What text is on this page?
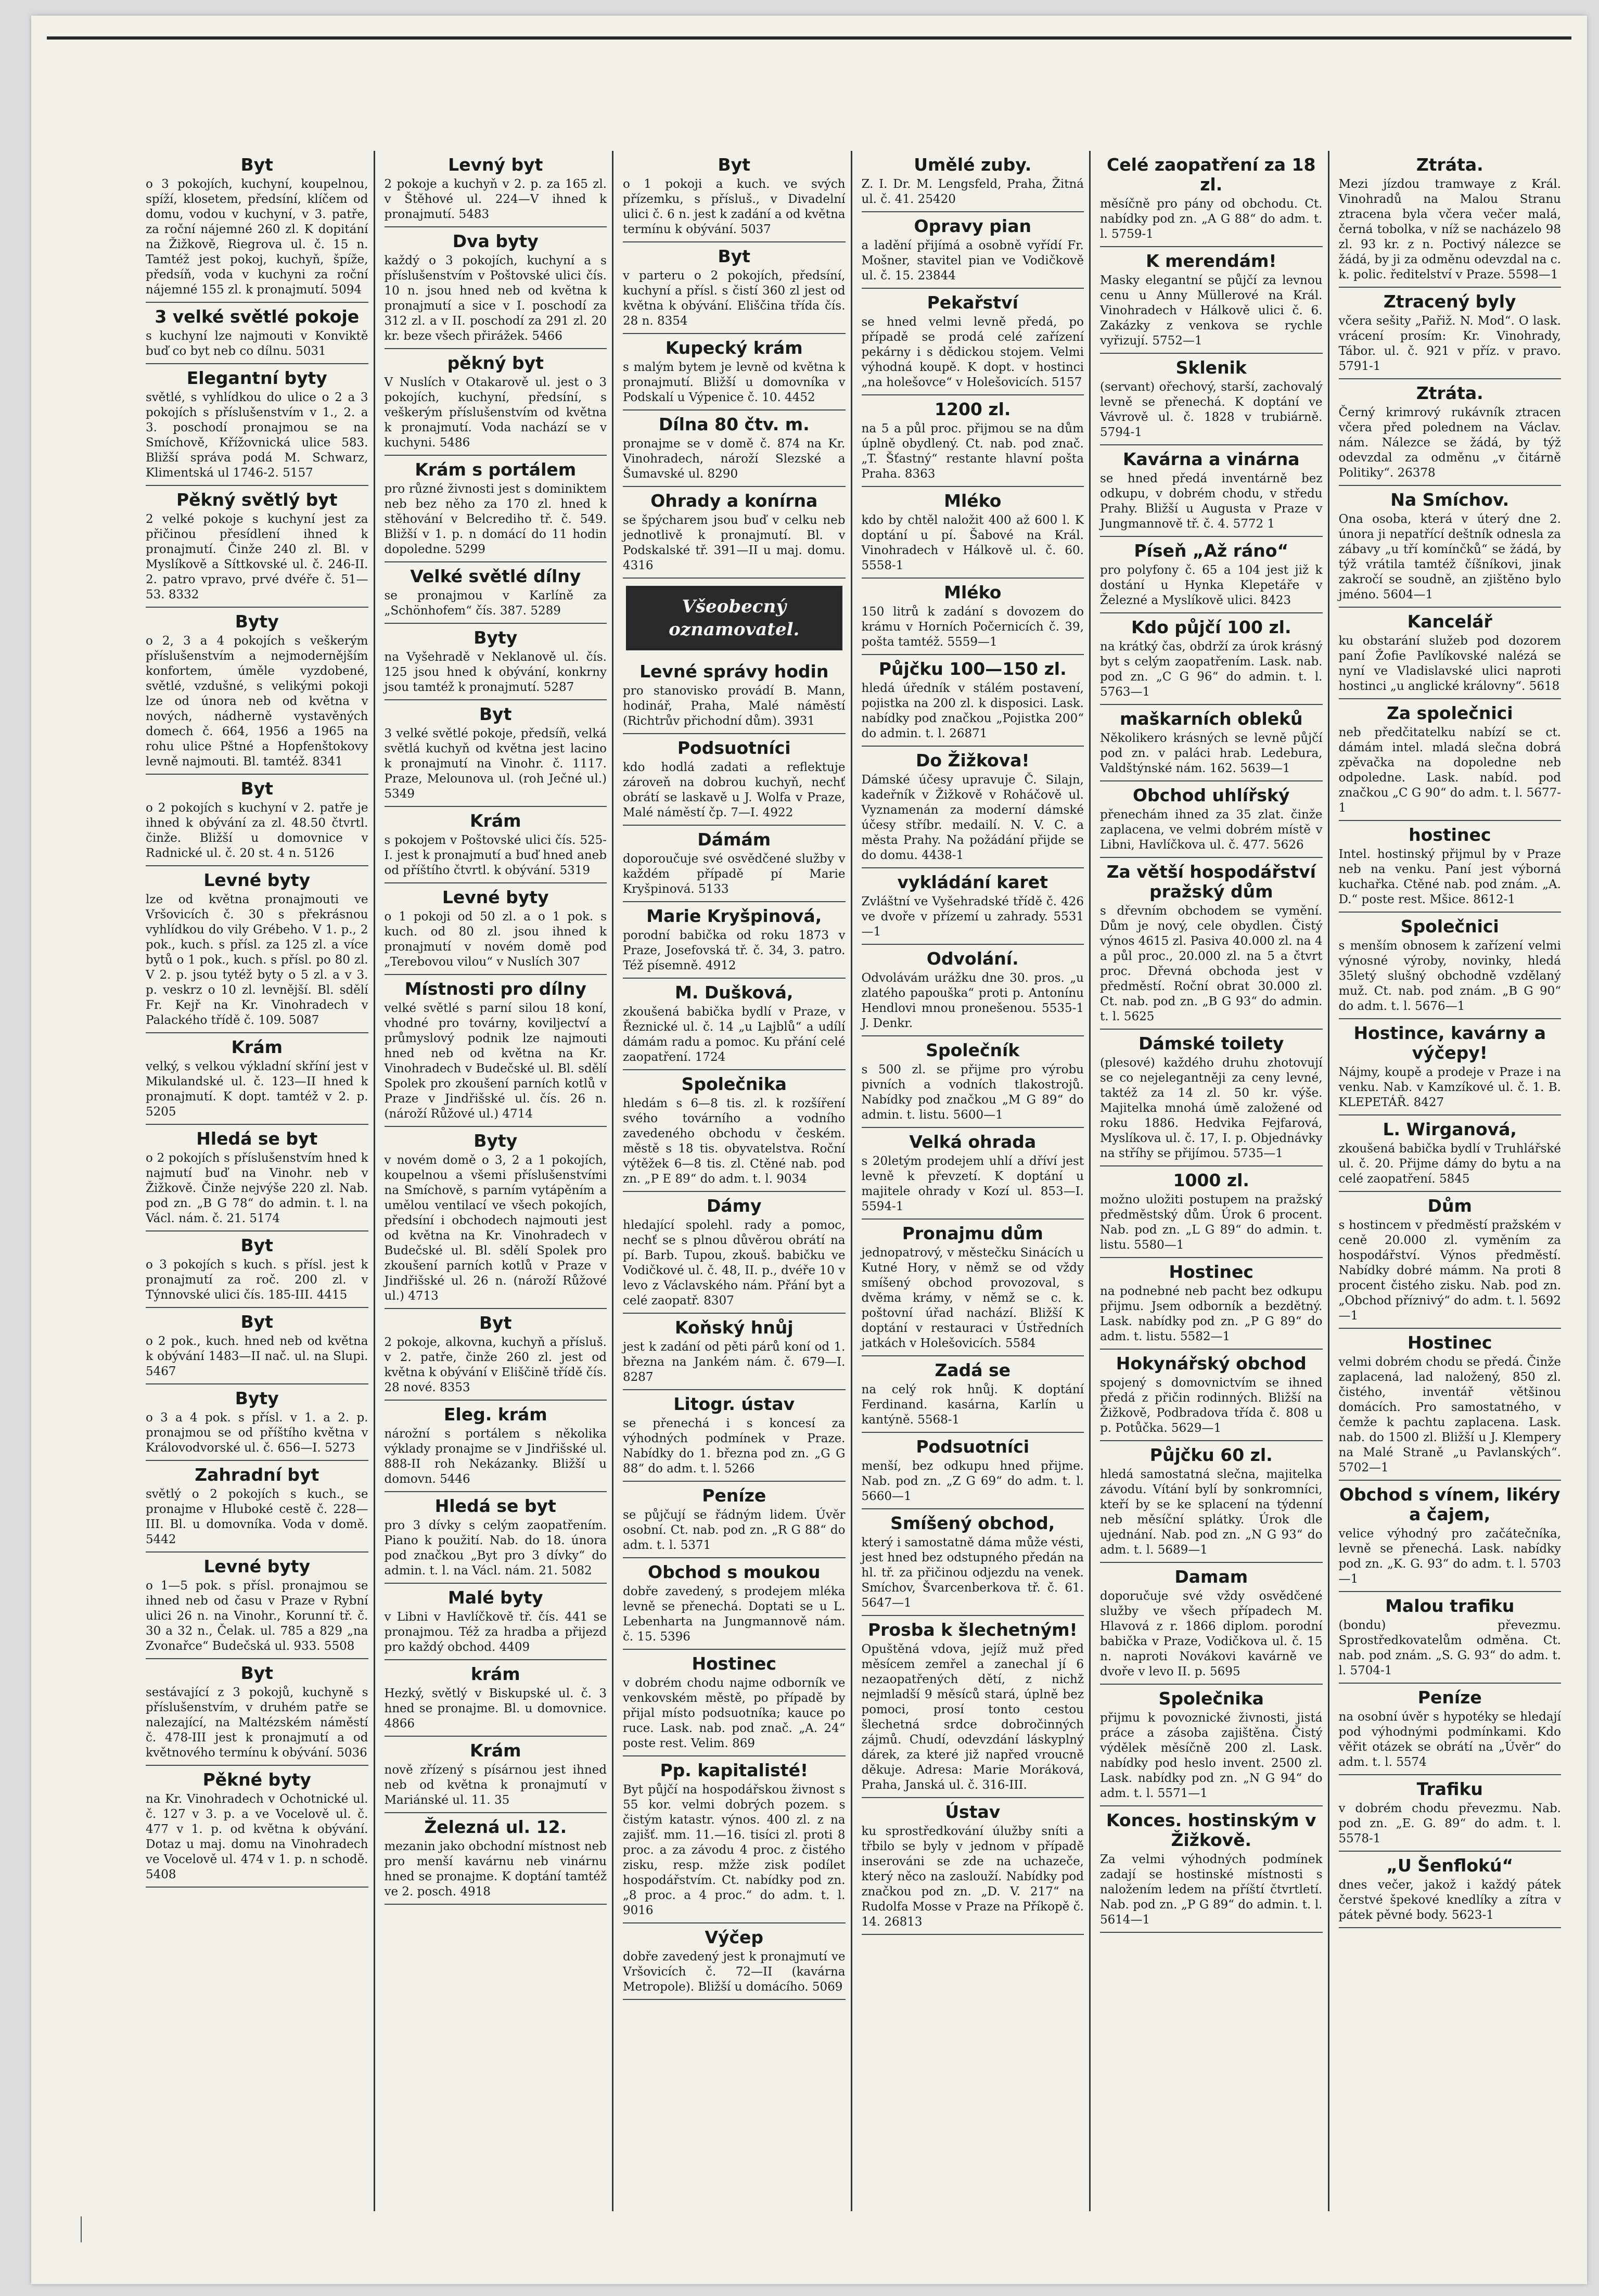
Byt
o 3 pokojích, kuchyní, koupelnou, spíží, klosetem, předsíní, klíčem od domu, vodou v kuchyní, v 3. patře, za roční nájemné 260 zl. K dopitání na Žižkově, Riegrova ul. č. 15 n. Tamtéž jest pokoj, kuchyň, špíže, předsíň, voda v kuchyni za roční nájemné 155 zl. k pronajmutí. 5094
3 velké světlé pokoje
s kuchyní lze najmouti v Konviktě buď co byt neb co dílnu. 5031
Elegantní byty
světlé, s vyhlídkou do ulice o 2 a 3 pokojích s příslušenstvím v 1., 2. a 3. poschodí pronajmou se na Smíchově, Křížovnická ulice 583. Bližší správa podá M. Schwarz, Klimentská ul 1746-2. 5157
Pěkný světlý byt
2 velké pokoje s kuchyní jest za přičinou přesídlení ihned k pronajmutí. Činže 240 zl. Bl. v Myslíkově a Síttkovské ul. č. 246-II. 2. patro vpravo, prvé dvéře č. 51—53. 8332
Byty
o 2, 3 a 4 pokojích s veškerým příslušenstvím a nejmodernějším konfortem, úměle vyzdobené, světlé, vzdušné, s velikými pokoji lze od února neb od května v nových, nádherně vystavěných domech č. 664, 1956 a 1965 na rohu ulice Pštné a Hopfenštokovy levně najmouti. Bl. tamtéž. 8341
Byt
o 2 pokojích s kuchyní v 2. patře je ihned k obývání za zl. 48.50 čtvrtl. činže. Bližší u domovnice v Radnické ul. č. 20 st. 4 n. 5126
Levné byty
lze od května pronajmouti ve Vršovicích č. 30 s překrásnou vyhlídkou do vily Grébeho. V 1. p., 2 pok., kuch. s přísl. za 125 zl. a více bytů o 1 pok., kuch. s přísl. po 80 zl. V 2. p. jsou tytéž byty o 5 zl. a v 3. p. veskrz o 10 zl. levnější. Bl. sdělí Fr. Kejř na Kr. Vinohradech v Palackého třídě č. 109. 5087
Krám
velký, s velkou výkladní skříní jest v Mikulandské ul. č. 123—II hned k pronajmutí. K dopt. tamtéž v 2. p. 5205
Hledá se byt
o 2 pokojích s příslušenstvím hned k najmutí buď na Vinohr. neb v Žižkově. Činže nejvýše 220 zl. Nab. pod zn. „B G 78“ do admin. t. l. na Václ. nám. č. 21. 5174
Byt
o 3 pokojích s kuch. s přísl. jest k pronajmutí za roč. 200 zl. v Týnnovské ulici čís. 185-III. 4415
Byt
o 2 pok., kuch. hned neb od května k obývání 1483—II nač. ul. na Slupi. 5467
Byty
o 3 a 4 pok. s přísl. v 1. a 2. p. pronajmou se od příštího května v Královodvorské ul. č. 656—I. 5273
Zahradní byt
světlý o 2 pokojích s kuch., se pronajme v Hluboké cestě č. 228—III. Bl. u domovníka. Voda v domě. 5442
Levné byty
o 1—5 pok. s přísl. pronajmou se ihned neb od času v Praze v Rybní ulici 26 n. na Vinohr., Korunní tř. č. 30 a 32 n., Čelak. ul. 785 a 829 „na Zvonařce“ Budečská ul. 933. 5508
Byt
sestávající z 3 pokojů, kuchyně s příslušenstvím, v druhém patře se nalezající, na Maltézském náměstí č. 478-III jest k pronajmutí a od květnového termínu k obývání. 5036
Pěkné byty
na Kr. Vinohradech v Ochotnické ul. č. 127 v 3. p. a ve Vocelově ul. č. 477 v 1. p. od května k obývání. Dotaz u maj. domu na Vinohradech ve Vocelově ul. 474 v 1. p. n schodě. 5408
Levný byt
2 pokoje a kuchyň v 2. p. za 165 zl. v Štěhové ul. 224—V ihned k pronajmutí. 5483
Dva byty
každý o 3 pokojích, kuchyní a s příslušenstvím v Poštovské ulici čís. 10 n. jsou hned neb od května k pronajmutí a sice v I. poschodí za 312 zl. a v II. poschodí za 291 zl. 20 kr. beze všech přirážek. 5466
pěkný byt
V Nuslích v Otakarově ul. jest o 3 pokojích, kuchyní, předsíní, s veškerým příslušenstvím od května k pronajmutí. Voda nachází se v kuchyni. 5486
Krám s portálem
pro různé živnosti jest s dominiktem neb bez něho za 170 zl. hned k stěhování v Belcrediho tř. č. 549. Bližší v 1. p. n domácí do 11 hodin dopoledne. 5299
Velké světlé dílny
se pronajmou v Karlíně za „Schönhofem“ čís. 387. 5289
Byty
na Vyšehradě v Neklanově ul. čís. 125 jsou hned k obývání, konkrny jsou tamtéž k pronajmutí. 5287
Byt
3 velké světlé pokoje, předsíň, velká světlá kuchyň od května jest lacino k pronajmutí na Vinohr. č. 1117. Praze, Melounova ul. (roh Ječné ul.) 5349
Krám
s pokojem v Poštovské ulici čís. 525-I. jest k pronajmutí a buď hned aneb od příštího čtvrtl. k obývání. 5319
Levné byty
o 1 pokoji od 50 zl. a o 1 pok. s kuch. od 80 zl. jsou ihned k pronajmutí v novém domě pod „Terebovou vilou“ v Nuslích 307
Místnosti pro dílny
velké světlé s parní silou 18 koní, vhodné pro továrny, koviljectví a průmyslový podnik lze najmouti hned neb od května na Kr. Vinohradech v Budečské ul. Bl. sdělí Spolek pro zkoušení parních kotlů v Praze v Jindřišské ul. čís. 26 n. (nároží Růžové ul.) 4714
Byty
v novém domě o 3, 2 a 1 pokojích, koupelnou a všemi příslušenstvími na Smíchově, s parním vytápěním a umělou ventilací ve všech pokojích, předsíní i obchodech najmouti jest od května na Kr. Vinohradech v Budečské ul. Bl. sdělí Spolek pro zkoušení parních kotlů v Praze v Jindřišské ul. 26 n. (nároží Růžové ul.) 4713
Byt
2 pokoje, alkovna, kuchyň a přísluš. v 2. patře, činže 260 zl. jest od května k obývání v Eliščině třídě čís. 28 nové. 8353
Eleg. krám
nárožní s portálem s několika výklady pronajme se v Jindřišské ul. 888-II roh Nekázanky. Bližší u domovn. 5446
Hledá se byt
pro 3 dívky s celým zaopatřením. Piano k použití. Nab. do 18. února pod značkou „Byt pro 3 dívky“ do admin. t. l. na Václ. nám. 21. 5082
Malé byty
v Libni v Havlíčkově tř. čís. 441 se pronajmou. Též za hradba a přijezd pro každý obchod. 4409
krám
Hezký, světlý v Biskupské ul. č. 3 hned se pronajme. Bl. u domovnice. 4866
Krám
nově zřízený s písárnou jest ihned neb od května k pronajmutí v Mariánské ul. 11. 35
Železná ul. 12.
mezanin jako obchodní místnost neb pro menší kavárnu neb vinárnu hned se pronajme. K doptání tamtéž ve 2. posch. 4918
Byt
o 1 pokoji a kuch. ve svých přízemku, s přísluš., v Divadelní ulici č. 6 n. jest k zadání a od května termínu k obývání. 5037
Byt
v parteru o 2 pokojích, předsíní, kuchyní a přísl. s čistí 360 zl jest od května k obývání. Eliščina třída čís. 28 n. 8354
Kupecký krám
s malým bytem je levně od května k pronajmutí. Bližší u domovníka v Podskalí u Výpenice č. 10. 4452
Dílna 80 čtv. m.
pronajme se v domě č. 874 na Kr. Vinohradech, nároží Slezské a Šumavské ul. 8290
Ohrady a konírna
se špýcharem jsou buď v celku neb jednotlivě k pronajmutí. Bl. v Podskalské tř. 391—II u maj. domu. 4316
Všeobecný oznamovatel.
Levné správy hodin
pro stanovisko provádí B. Mann, hodinář, Praha, Malé náměstí (Richtrův přichodní dům). 3931
Podsuotníci
kdo hodlá zadati a reflektuje zároveň na dobrou kuchyň, nechť obrátí se laskavě u J. Wolfa v Praze, Malé náměstí čp. 7—I. 4922
Dámám
doporoučuje své osvědčené služby v každém případě pí Marie Kryšpinová. 5133
Marie Kryšpinová,
porodní babička od roku 1873 v Praze, Josefovská tř. č. 34, 3. patro. Též písemně. 4912
M. Dušková,
zkoušená babička bydlí v Praze, v Řeznické ul. č. 14 „u Lajblů“ a udílí dámám radu a pomoc. Ku přání celé zaopatření. 1724
Společnika
hledám s 6—8 tis. zl. k rozšíření svého továrního a vodního zavedeného obchodu v českém. městě s 18 tis. obyvatelstva. Roční výtěžek 6—8 tis. zl. Ctěné nab. pod zn. „P E 89“ do adm. t. l. 9034
Dámy
hledající spolehl. rady a pomoc, nechť se s plnou důvěrou obrátí na pí. Barb. Tupou, zkouš. babičku ve Vodičkové ul. č. 48, II. p., dvéře 10 v levo z Václavského nám. Přání byt a celé zaopatř. 8307
Koňský hnůj
jest k zadání od pěti párů koní od 1. března na Jankém nám. č. 679—I. 8287
Litogr. ústav
se přenechá i s koncesí za výhodných podmínek v Praze. Nabídky do 1. března pod zn. „G G 88“ do adm. t. l. 5266
Peníze
se půjčují se řádným lidem. Úvěr osobní. Ct. nab. pod zn. „R G 88“ do adm. t. l. 5371
Obchod s moukou
dobře zavedený, s prodejem mléka levně se přenechá. Doptati se u L. Lebenharta na Jungmannově nám. č. 15. 5396
Hostinec
v dobrém chodu najme odborník ve venkovském městě, po případě by přijal místo podsuotníka; kauce po ruce. Lask. nab. pod znač. „A. 24“ poste rest. Velim. 869
Pp. kapitalisté!
Byt půjčí na hospodářskou živnost s 55 kor. velmi dobrých pozem. s čistým katastr. výnos. 400 zl. z na zajišť. mm. 11.—16. tisíci zl. proti 8 proc. a za závodu 4 proc. z čistého zisku, resp. mžže zisk podílet hospodářstvím. Ct. nabídky pod zn. „8 proc. a 4 proc.“ do adm. t. l. 9016
Výčep
dobře zavedený jest k pronajmutí ve Vršovicích č. 72—II (kavárna Metropole). Bližší u domácího. 5069
Umělé zuby.
Z. I. Dr. M. Lengsfeld, Praha, Žitná ul. č. 41. 25420
Opravy pian
a ladění přijímá a osobně vyřídí Fr. Mošner, stavitel pian ve Vodičkově ul. č. 15. 23844
Pekařství
se hned velmi levně předá, po případě se prodá celé zařízení pekárny i s dědickou stojem. Velmi výhodná koupě. K dopt. v hostinci „na holešovce“ v Holešovicích. 5157
1200 zl.
na 5 a půl proc. přijmou se na dům úplně obydlený. Ct. nab. pod znač. „T. Šťastný“ restante hlavní pošta Praha. 8363
Mléko
kdo by chtěl naložit 400 až 600 l. K doptání u pí. Šabové na Král. Vinohradech v Hálkově ul. č. 60. 5558-1
Mléko
150 litrů k zadání s dovozem do krámu v Horních Počernicích č. 39, pošta tamtéž. 5559—1
Půjčku 100—150 zl.
hledá úředník v stálém postavení, pojistka na 200 zl. k disposici. Lask. nabídky pod značkou „Pojistka 200“ do admin. t. l. 26871
Do Žižkova!
Dámské účesy upravuje Č. Silajn, kadeřník v Žižkově v Roháčově ul. Vyznamenán za moderní dámské účesy stříbr. medailí. N. V. C. a města Prahy. Na požádání přijde se do domu. 4438-1
vykládání karet
Zvláštní ve Vyšehradské třídě č. 426 ve dvoře v přízemí u zahrady. 5531—1
Odvolání.
Odvolávám urážku dne 30. pros. „u zlatého papouška“ proti p. Antonínu Hendlovi mnou pronešenou. 5535-1 J. Denkr.
Společník
s 500 zl. se přijme pro výrobu pivních a vodních tlakostrojů. Nabídky pod značkou „M G 89“ do admin. t. listu. 5600—1
Velká ohrada
s 20letým prodejem uhlí a dříví jest levně k převzetí. K doptání u majitele ohrady v Kozí ul. 853—I. 5594-1
Pronajmu dům
jednopatrový, v městečku Sinácích u Kutné Hory, v němž se od vždy smíšený obchod provozoval, s dvěma krámy, v němž se c. k. poštovní úřad nachází. Bližší K doptání v restauraci v Ústředních jatkách v Holešovicích. 5584
Zadá se
na celý rok hnůj. K doptání Ferdinand. kasárna, Karlín u kantýně. 5568-1
Podsuotníci
menší, bez odkupu hned přijme. Nab. pod zn. „Z G 69“ do adm. t. l. 5660—1
Smíšený obchod,
který i samostatně dáma může vésti, jest hned bez odstupného předán na hl. tř. za přičinou odjezdu na venek. Smíchov, Švarcenberkova tř. č. 61. 5647—1
Prosba k šlechetným!
Opuštěná vdova, jejíž muž před měsícem zemřel a zanechal jí 6 nezaopatřených dětí, z nichž nejmladší 9 měsíců stará, úplně bez pomoci, prosí tonto cestou šlechetná srdce dobročinných zájmů. Chudí, odevzdání láskyplný dárek, za které již napřed vroucně děkuje. Adresa: Marie Moráková, Praha, Janská ul. č. 316-III.
Ústav
ku sprostředkování úlužby sníti a třbilo se byly v jednom v případě inserováni se zde na uchazeče, který něco na zaslouží. Nabídky pod značkou pod zn. „D. V. 217“ na Rudolfa Mosse v Praze na Příkopě č. 14. 26813
Celé zaopatření za 18 zl.
měsíčně pro pány od obchodu. Ct. nabídky pod zn. „A G 88“ do adm. t. l. 5759-1
K merendám!
Masky elegantní se půjčí za levnou cenu u Anny Müllerové na Král. Vinohradech v Hálkově ulici č. 6. Zakázky z venkova se rychle vyřizují. 5752—1
Sklenik
(servant) ořechový, starší, zachovalý levně se přenechá. K doptání ve Vávrově ul. č. 1828 v trubiárně. 5794-1
Kavárna a vinárna
se hned předá inventárně bez odkupu, v dobrém chodu, v středu Prahy. Bližší u Augusta v Praze v Jungmannově tř. č. 4. 5772 1
Píseň „Až ráno“
pro polyfony č. 65 a 104 jest již k dostání u Hynka Klepetáře v Železné a Myslíkově ulici. 8423
Kdo půjčí 100 zl.
na krátký čas, obdrží za úrok krásný byt s celým zaopatřením. Lask. nab. pod zn. „C G 96“ do admin. t. l. 5763—1
maškarních obleků
Několikero krásných se levně půjčí pod zn. v paláci hrab. Ledebura, Valdštýnské nám. 162. 5639—1
Obchod uhlířský
přenechám ihned za 35 zlat. činže zaplacena, ve velmi dobrém místě v Libni, Havlíčkova ul. č. 477. 5626
Za větší hospodářství pražský dům
s dřevním obchodem se vymění. Dům je nový, cele obydlen. Čistý výnos 4615 zl. Pasiva 40.000 zl. na 4 a půl proc., 20.000 zl. na 5 a čtvrt proc. Dřevná obchoda jest v předměstí. Roční obrat 30.000 zl. Ct. nab. pod zn. „B G 93“ do admin. t. l. 5625
Dámské toilety
(plesové) každého druhu zhotovují se co nejelegantněji za ceny levné, taktéž za 14 zl. 50 kr. výše. Majitelka mnohá úmě založené od roku 1886. Hedvika Fejfarová, Myslíkova ul. č. 17, I. p. Objednávky na stříhy se přijímou. 5735—1
1000 zl.
možno uložiti postupem na pražský předměstský dům. Úrok 6 procent. Nab. pod zn. „L G 89“ do admin. t. listu. 5580—1
Hostinec
na podnebné neb pacht bez odkupu přijmu. Jsem odborník a bezdětný. Lask. nabídky pod zn. „P G 89“ do adm. t. listu. 5582—1
Hokynářský obchod
spojený s domovnictvím se ihned předá z přičin rodinných. Bližší na Žižkově, Podbradova třída č. 808 u p. Potůčka. 5629—1
Půjčku 60 zl.
hledá samostatná slečna, majitelka závodu. Vítání bylí by sonkromníci, kteří by se ke splacení na týdenní neb měsíční splátky. Úrok dle ujednání. Nab. pod zn. „N G 93“ do adm. t. l. 5689—1
Damam
doporučuje své vždy osvědčené služby ve všech případech M. Hlavová z r. 1866 diplom. porodní babička v Praze, Vodičkova ul. č. 15 n. naproti Novákovi kavárně ve dvoře v levo II. p. 5695
Společnika
přijmu k povoznické živnosti, jistá práce a zásoba zajištěna. Čistý výdělek měsíčně 200 zl. Lask. nabídky pod heslo invent. 2500 zl. Lask. nabídky pod zn. „N G 94“ do adm. t. l. 5571—1
Konces. hostinským v Žižkově.
Za velmi výhodných podmínek zadají se hostinské místnosti s naložením ledem na příští čtvrtletí. Nab. pod zn. „P G 89“ do admin. t. l. 5614—1
Ztráta.
Mezi jízdou tramwaye z Král. Vinohradů na Malou Stranu ztracena byla včera večer malá, černá tobolka, v níž se nacházelo 98 zl. 93 kr. z n. Poctivý nálezce se žádá, by ji za odměnu odevzdal na c. k. polic. ředitelství v Praze. 5598—1
Ztracený byly
včera sešity „Pařiž. N. Mod“. O lask. vrácení prosím: Kr. Vinohrady, Tábor. ul. č. 921 v příz. v pravo. 5791-1
Ztráta.
Černý krimrový rukávník ztracen včera před polednem na Václav. nám. Nálezce se žádá, by týž odevzdal za odměnu „v čitárně Politiky“. 26378
Na Smíchov.
Ona osoba, která v úterý dne 2. února ji nepatřící deštník odnesla za zábavy „u tří komínčků“ se žádá, by týž vrátila tamtéž číšníkovi, jinak zakročí se soudně, an zjištěno bylo jméno. 5604—1
Kancelář
ku obstarání služeb pod dozorem paní Žofie Pavlíkovské nalézá se nyní ve Vladislavské ulici naproti hostinci „u anglické královny“. 5618
Za společnici
neb předčitatelku nabízí se ct. dámám intel. mladá slečna dobrá zpěvačka na dopoledne neb odpoledne. Lask. nabíd. pod značkou „C G 90“ do adm. t. l. 5677-1
hostinec
Intel. hostinský přijmul by v Praze neb na venku. Paní jest výborná kuchařka. Ctěné nab. pod znám. „A. D.“ poste rest. Mšice. 8612-1
Společnici
s menším obnosem k zařízení velmi výnosné výroby, novinky, hledá 35letý slušný obchodně vzdělaný muž. Ct. nab. pod znám. „B G 90“ do adm. t. l. 5676—1
Hostince, kavárny a výčepy!
Nájmy, koupě a prodeje v Praze i na venku. Nab. v Kamzíkové ul. č. 1. B. KLEPETÁŘ. 8427
L. Wirganová,
zkoušená babička bydlí v Truhlářské ul. č. 20. Přijme dámy do bytu a na celé zaopatření. 5845
Dům
s hostincem v předměstí pražském v ceně 20.000 zl. vyměním za hospodářství. Výnos předměstí. Nabídky dobré mámm. Na proti 8 procent čistého zisku. Nab. pod zn. „Obchod příznivý“ do adm. t. l. 5692—1
Hostinec
velmi dobrém chodu se předá. Činže zaplacená, lad naložený, 850 zl. čistého, inventář většinou domácích. Pro samostatného, v čemže k pachtu zaplacena. Lask. nab. do 1500 zl. Bližší u J. Klempery na Malé Straně „u Pavlanských“. 5702—1
Obchod s vínem, likéry a čajem,
velice výhodný pro začátečníka, levně se přenechá. Lask. nabídky pod zn. „K. G. 93“ do adm. t. l. 5703—1
Malou trafiku
(bondu) převezmu. Sprostředkovatelům odměna. Ct. nab. pod znám. „S. G. 93“ do adm. t. l. 5704-1
Peníze
na osobní úvěr s hypotéky se hledají pod výhodnými podmínkami. Kdo věřit otázek se obrátí na „Úvěr“ do adm. t. l. 5574
Trafiku
v dobrém chodu převezmu. Nab. pod zn. „E. G. 89“ do adm. t. l. 5578-1
„U Šenflokú“
dnes večer, jakož i každý pátek čerstvé špekové knedlíky a zítra v pátek pěvné body. 5623-1
